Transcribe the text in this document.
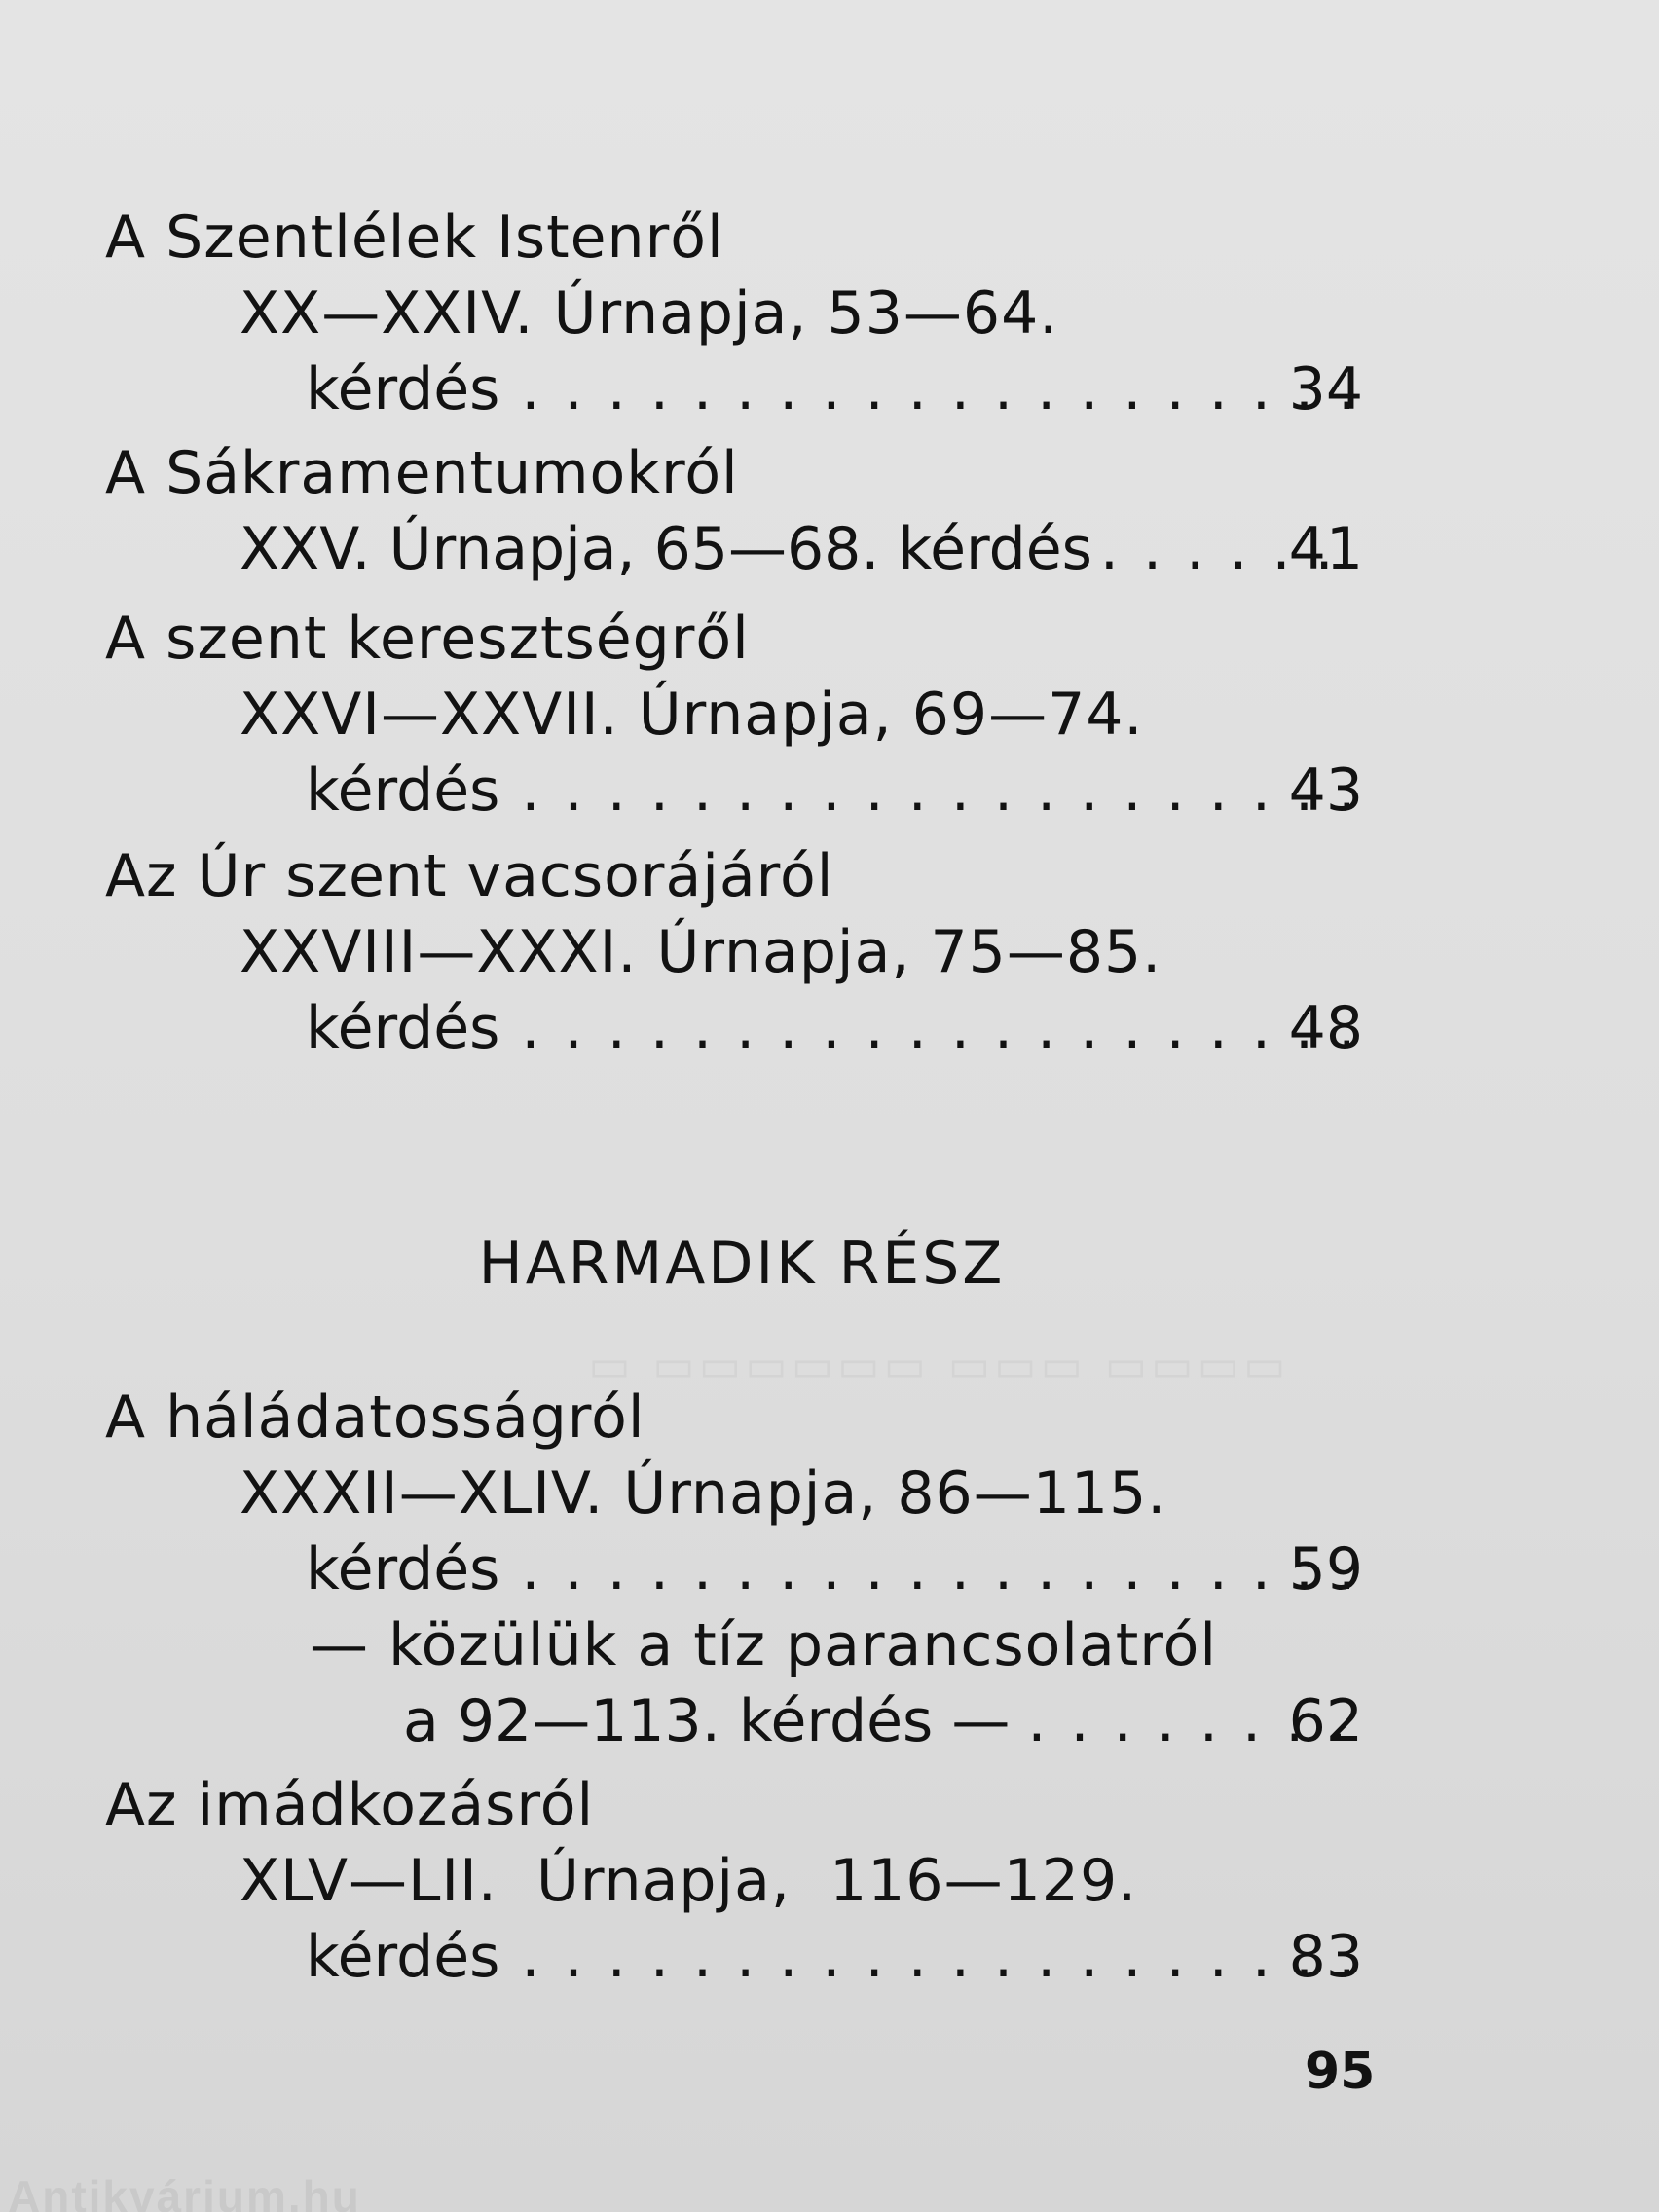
▭▭▭▭ ▭▭▭ ▭▭▭▭▭▭ ▭
A Szentlélek Istenről
XX—XXIV. Úrnapja, 53—64.
kérdés . . .	34
A Sákramentumokról
XXV. Úrnapja, 65—68. kérdés . . .	41
A szent keresztségről
XXVI—XXVII. Úrnapja, 69—74.
kérdés . . .	43
Az Úr szent vacsorájáról
XXVIII—XXXI. Úrnapja, 75—85.
kérdés . . .	48
HARMADIK RÉSZ
A háládatosságról
XXXII—XLIV. Úrnapja, 86—115.
kérdés . . .	59
— közülük a tíz parancsolatról
a 92—113. kérdés — . . .	62
Az imádkozásról
XLV—LII.  Úrnapja,  116—129.
kérdés . . .	83
95
Antikvárium.hu
